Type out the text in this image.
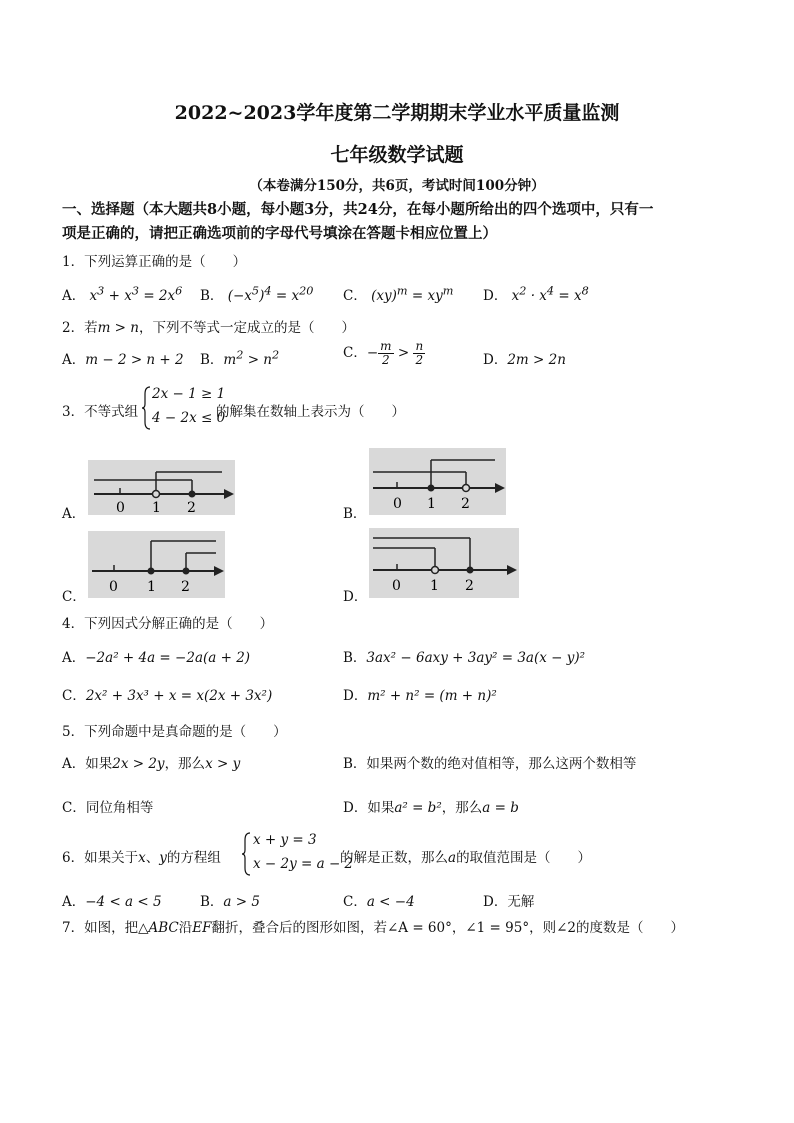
2022~2023学年度第二学期期末学业水平质量监测
七年级数学试题
（本卷满分150分，共6页，考试时间100分钟）
一、选择题（本大题共8小题，每小题3分，共24分，在每小题所给出的四个选项中，只有一
项是正确的，请把正确选项前的字母代号填涂在答题卡相应位置上）
1．下列运算正确的是（　　）
A． $x^3 + x^3 = 2x^6$ B． $(-x^5)^4 = x^{20}$ C． $(xy)^m = xy^m$ D． $x^2 \cdot x^4 = x^8$
2．若m > n，下列不等式一定成立的是（　　）
A．m − 2 > n + 2 B．$m^2 > n^2$	C．− $\frac{m}{2} > \frac{n}{2}$	D．2m > 2n
3．不等式组
2x − 1 ≥ 1
4 − 2x ≤ 0
的解集在数轴上表示为（　　）
A．	B．
C．	D．
0 1 2	0 1 2
0 1 2	0 1 2
4．下列因式分解正确的是（　　）
A．−2a² + 4a = −2a(a + 2)	B．3ax² − 6axy + 3ay² = 3a(x − y)²
C．2x² + 3x³ + x = x(2x + 3x²)	D．m² + n² = (m + n)²
5．下列命题中是真命题的是（　　）
A．如果2x > 2y，那么x > y	B．如果两个数的绝对值相等，那么这两个数相等
C．同位角相等	D．如果a² = b²，那么a = b
6．如果关于x、y的方程组
x + y = 3
x − 2y = a − 2
的解是正数，那么a的取值范围是（　　）
A．−4 < a < 5	B．a > 5	C．a < −4	D．无解
7．如图，把△ABC沿EF翻折，叠合后的图形如图，若∠A = 60°，∠1 = 95°，则∠2的度数是（　　）
